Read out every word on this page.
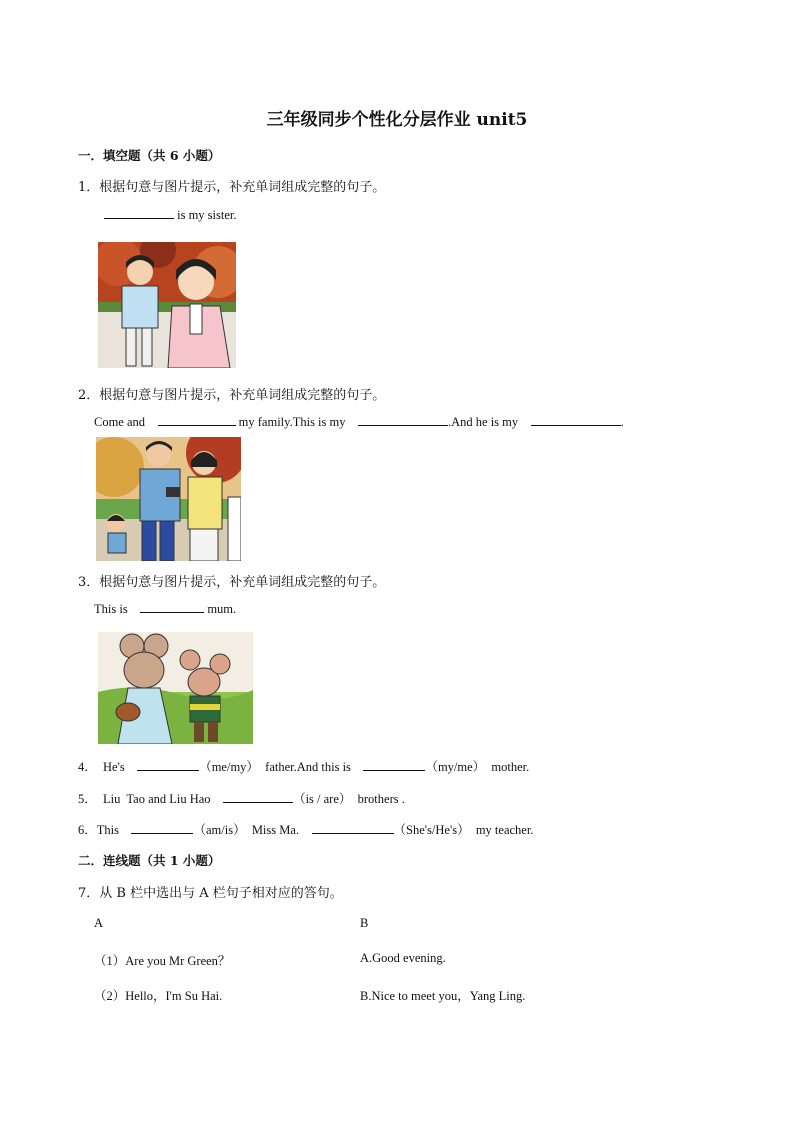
三年级同步个性化分层作业 unit5
一．填空题（共 6 小题）
1．根据句意与图片提示，补充单词组成完整的句子。
is my sister.
2．根据句意与图片提示，补充单词组成完整的句子。
Come and	my family.This is my	.And he is my	.
3．根据句意与图片提示，补充单词组成完整的句子。
This is	mum.
4．  He's	（me/my）  father.And this is	（my/me）  mother.
5．  Liu  Tao and Liu Hao	（is / are）  brothers .
6．This	（am/is）  Miss Ma.	（She's/He's）  my teacher.
二．连线题（共 1 小题）
7．从 B 栏中选出与 A 栏句子相对应的答句。
A	B
（1）Are you Mr Green？	A.Good evening.
（2）Hello，I'm Su Hai.	B.Nice to meet you，Yang Ling.
